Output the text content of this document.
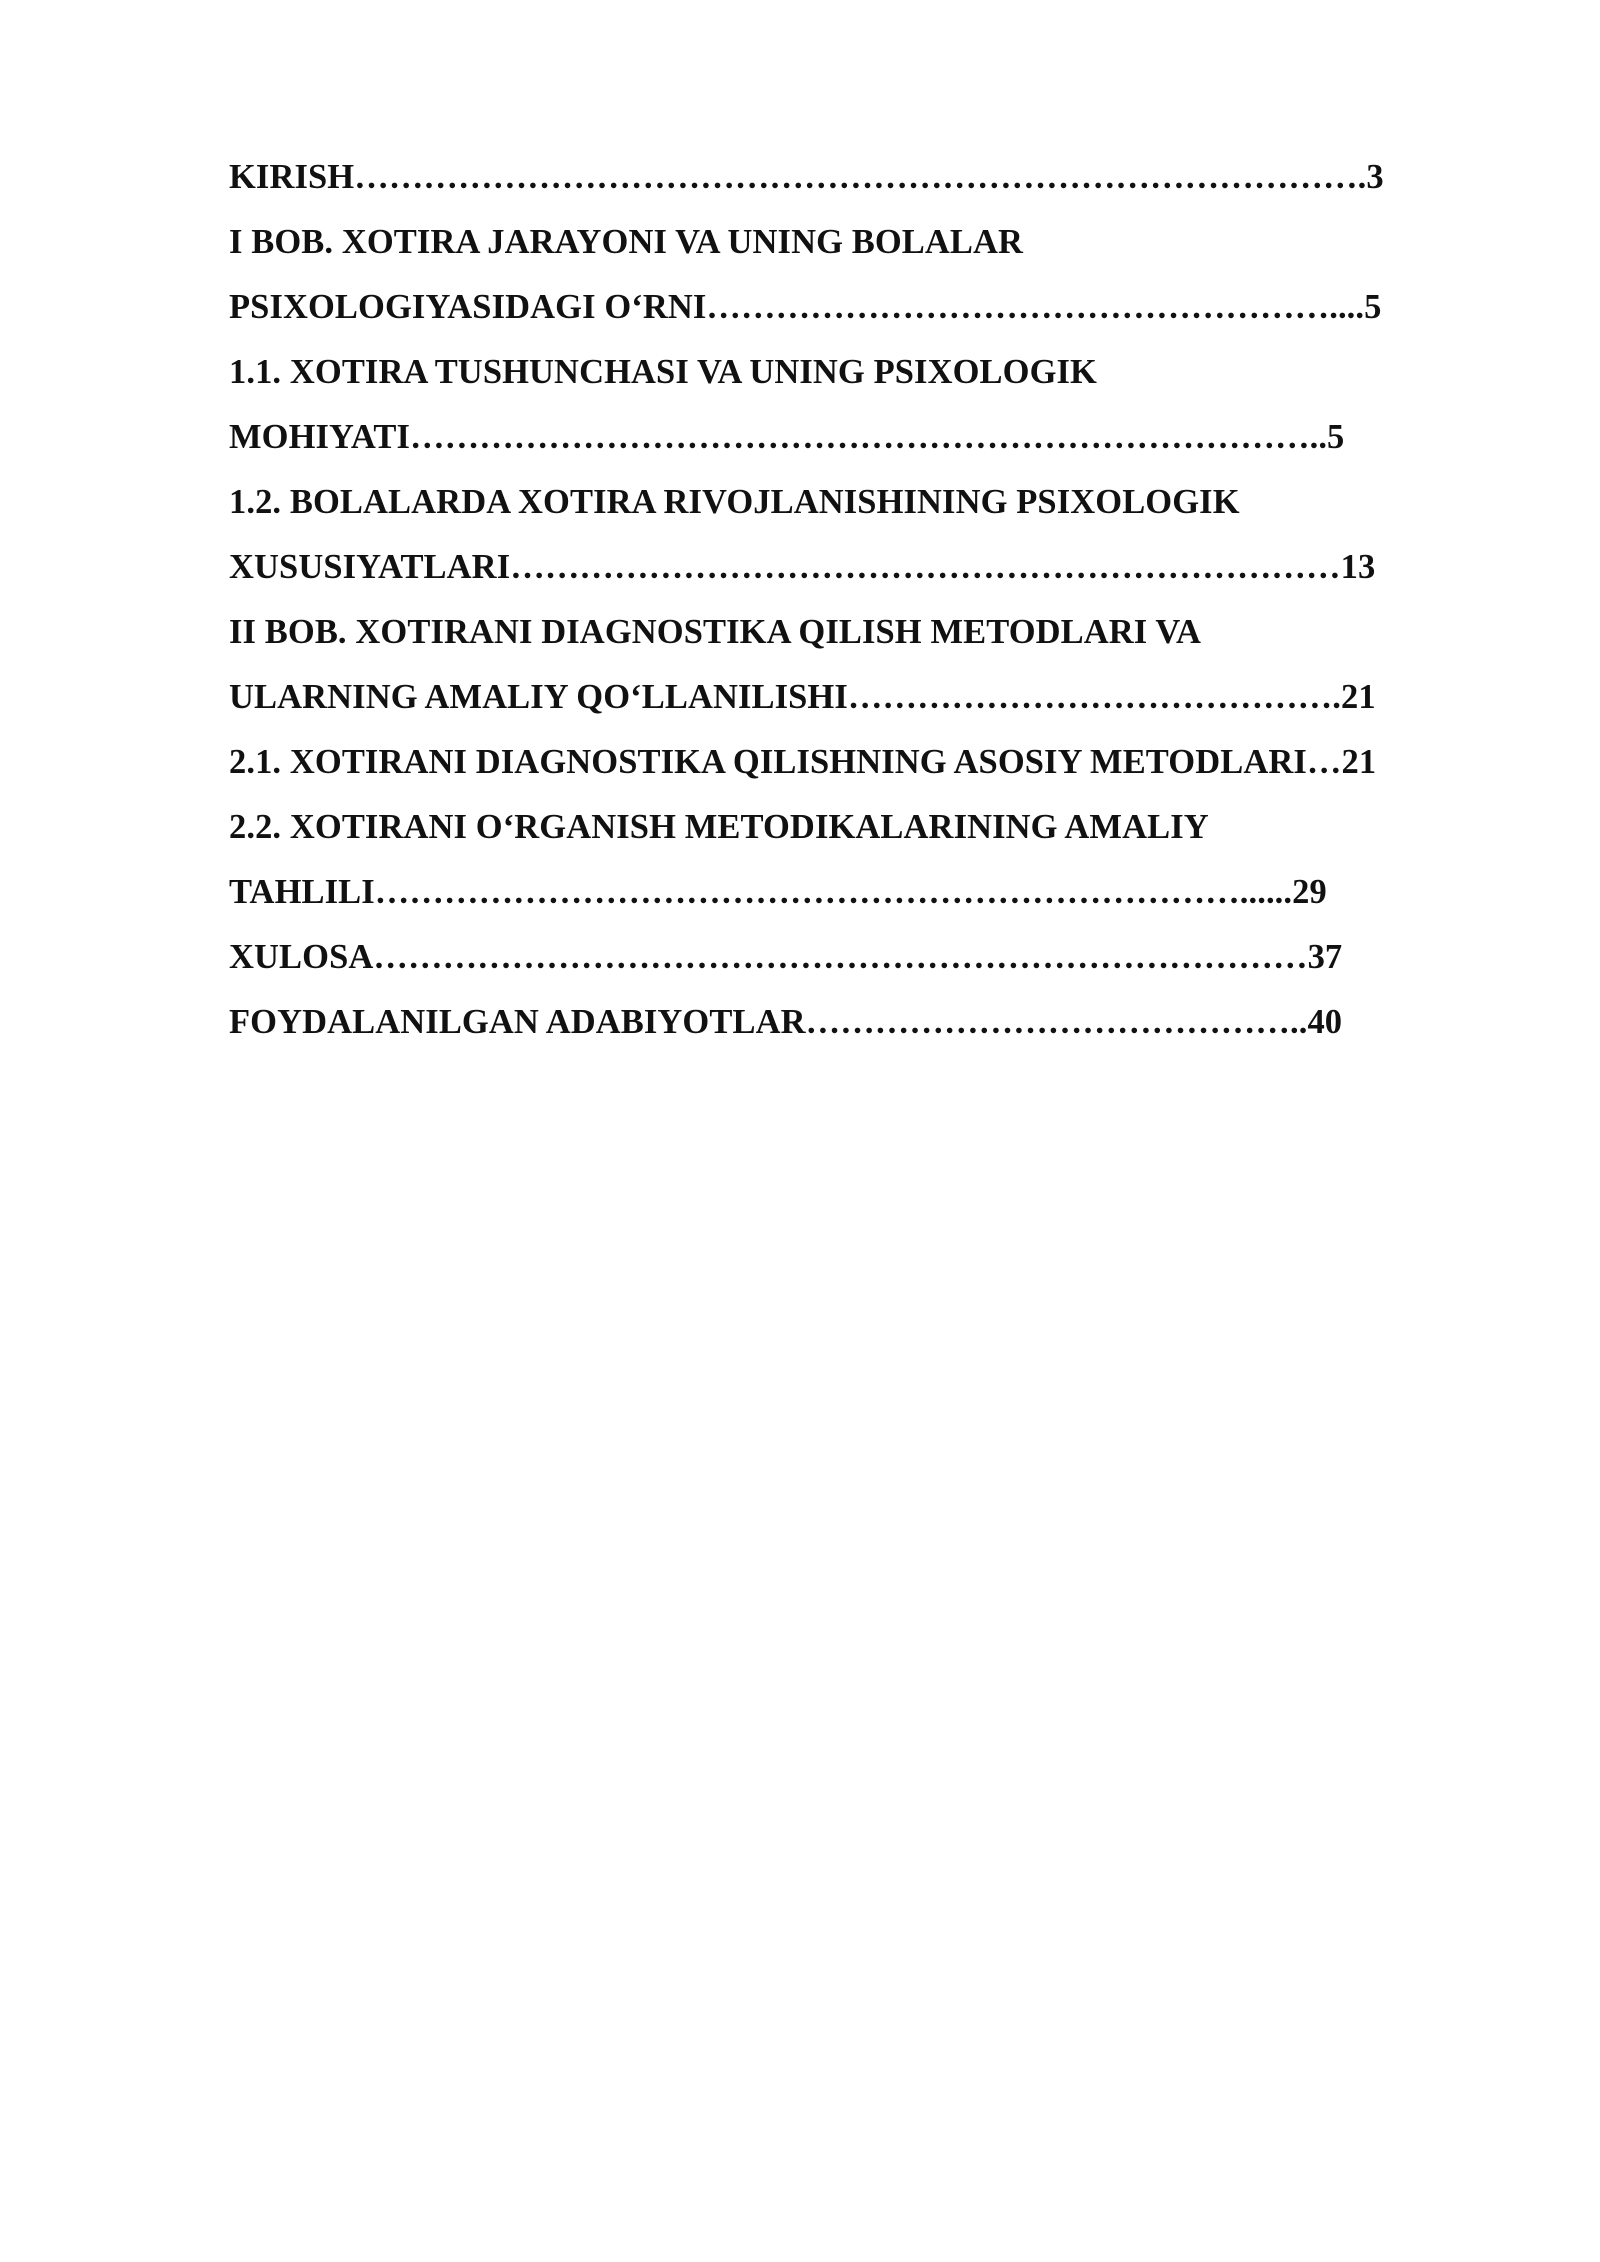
KIRISH…………………………………………………………………………….3
I BOB. XOTIRA JARAYONI VA UNING BOLALAR
PSIXOLOGIYASIDAGI O‘RNI………………………………………………....5
1.1. XOTIRA TUSHUNCHASI VA UNING PSIXOLOGIK
MOHIYATI……………………………………………………………………..5
1.2. BOLALARDA XOTIRA RIVOJLANISHINING PSIXOLOGIK
XUSUSIYATLARI………………………………………………………………13
II BOB. XOTIRANI DIAGNOSTIKA QILISH METODLARI VA
ULARNING AMALIY QO‘LLANILISHI…………………………………….21
2.1. XOTIRANI DIAGNOSTIKA QILISHNING ASOSIY METODLARI…21
2.2. XOTIRANI O‘RGANISH METODIKALARINING AMALIY
TAHLILI…………………………………………………………………......29
XULOSA………………………………………………………………………37
FOYDALANILGAN ADABIYOTLAR……………………………………..40
